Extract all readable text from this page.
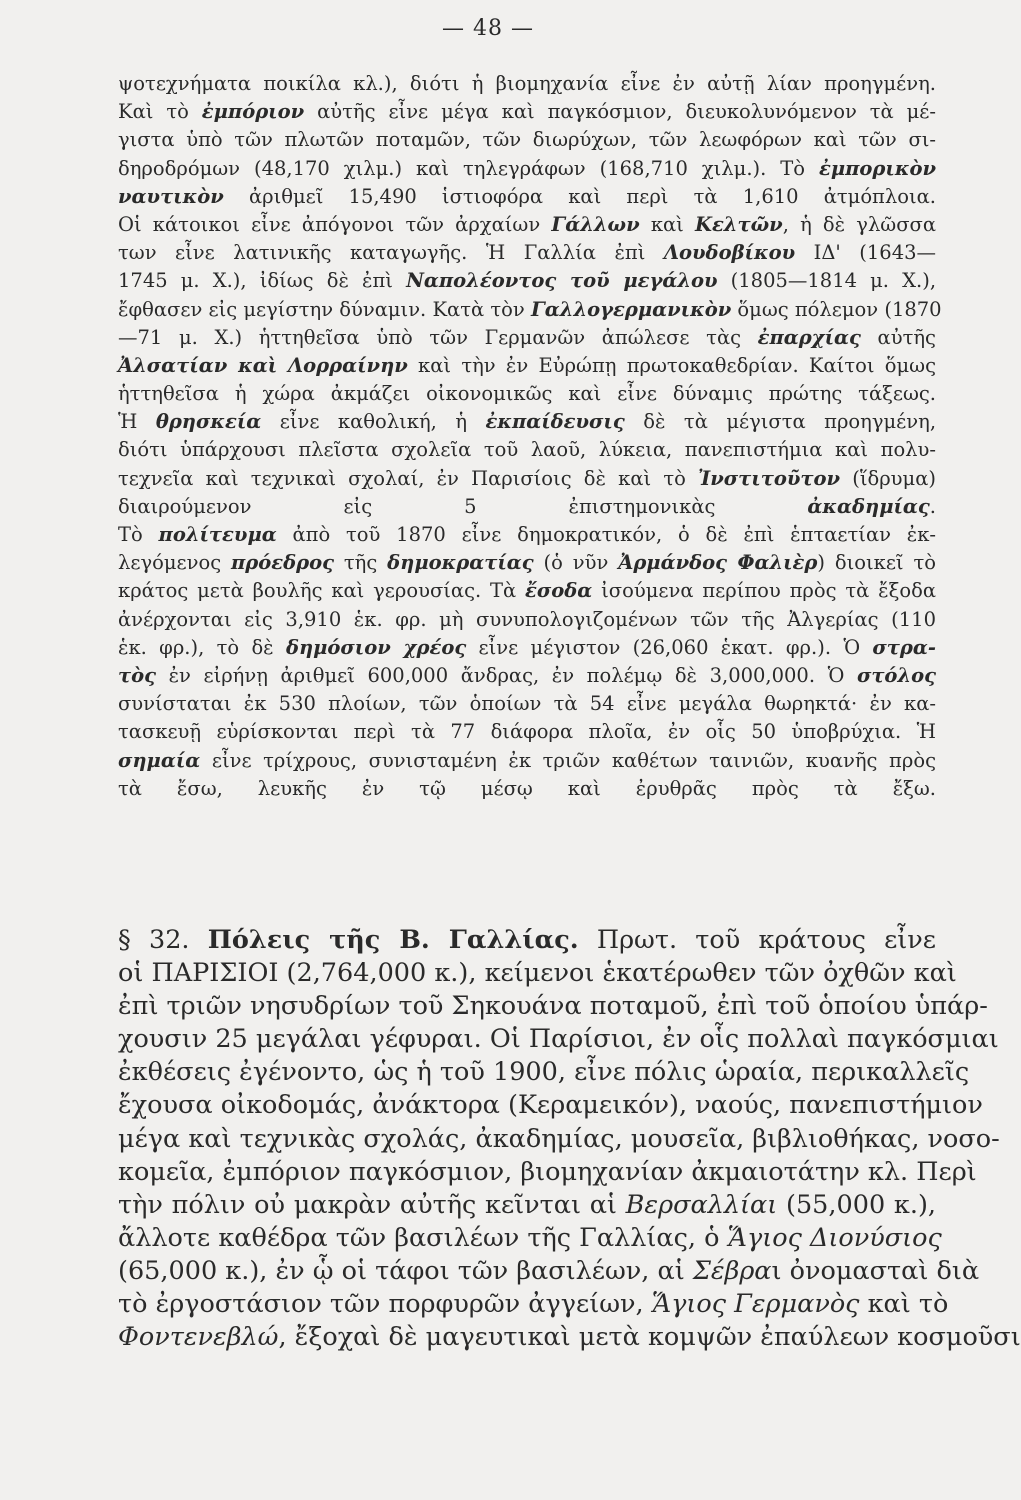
— 48 —
ψοτεχνήματα ποικίλα κλ.), διότι ἡ βιομηχανία εἶνε ἐν αὐτῇ λίαν προηγμένη.
Καὶ τὸ ἐμπόριον αὐτῆς εἶνε μέγα καὶ παγκόσμιον, διευκολυνόμενον τὰ μέ-
γιστα ὑπὸ τῶν πλωτῶν ποταμῶν, τῶν διωρύχων, τῶν λεωφόρων καὶ τῶν σι-
δηροδρόμων (48,170 χιλμ.) καὶ τηλεγράφων (168,710 χιλμ.). Τὸ ἐμπορικὸν
ναυτικὸν ἀριθμεῖ 15,490 ἱστιοφόρα καὶ περὶ τὰ 1,610 ἀτμόπλοια.
Οἱ κάτοικοι εἶνε ἀπόγονοι τῶν ἀρχαίων Γάλλων καὶ Κελτῶν, ἡ δὲ γλῶσσα
των εἶνε λατινικῆς καταγωγῆς. Ἡ Γαλλία ἐπὶ Λουδοβίκου ΙΔ' (1643—
1745 μ. Χ.), ἰδίως δὲ ἐπὶ Ναπολέοντος τοῦ μεγάλου (1805—1814 μ. Χ.),
ἔφθασεν εἰς μεγίστην δύναμιν. Κατὰ τὸν Γαλλογερμανικὸν ὅμως πόλεμον (1870
—71 μ. Χ.) ἡττηθεῖσα ὑπὸ τῶν Γερμανῶν ἀπώλεσε τὰς ἐπαρχίας αὐτῆς
Ἀλσατίαν καὶ Λορραίνην καὶ τὴν ἐν Εὐρώπῃ πρωτοκαθεδρίαν. Καίτοι ὅμως
ἡττηθεῖσα ἡ χώρα ἀκμάζει οἰκονομικῶς καὶ εἶνε δύναμις πρώτης τάξεως.
Ἡ θρησκεία εἶνε καθολική, ἡ ἐκπαίδευσις δὲ τὰ μέγιστα προηγμένη,
διότι ὑπάρχουσι πλεῖστα σχολεῖα τοῦ λαοῦ, λύκεια, πανεπιστήμια καὶ πολυ-
τεχνεῖα καὶ τεχνικαὶ σχολαί, ἐν Παρισίοις δὲ καὶ τὸ Ἰνστιτοῦτον (ἵδρυμα)
διαιρούμενον εἰς 5 ἐπιστημονικὰς ἀκαδημίας.
Τὸ πολίτευμα ἀπὸ τοῦ 1870 εἶνε δημοκρατικόν, ὁ δὲ ἐπὶ ἑπταετίαν ἐκ-
λεγόμενος πρόεδρος τῆς δημοκρατίας (ὁ νῦν Ἀρμάνδος Φαλιὲρ) διοικεῖ τὸ
κράτος μετὰ βουλῆς καὶ γερουσίας. Τὰ ἔσοδα ἰσούμενα περίπου πρὸς τὰ ἔξοδα
ἀνέρχονται εἰς 3,910 ἑκ. φρ. μὴ συνυπολογιζομένων τῶν τῆς Ἀλγερίας (110
ἑκ. φρ.), τὸ δὲ δημόσιον χρέος εἶνε μέγιστον (26,060 ἑκατ. φρ.). Ὁ στρα-
τὸς ἐν εἰρήνῃ ἀριθμεῖ 600,000 ἄνδρας, ἐν πολέμῳ δὲ 3,000,000. Ὁ στόλος
συνίσταται ἐκ 530 πλοίων, τῶν ὁποίων τὰ 54 εἶνε μεγάλα θωρηκτά· ἐν κα-
τασκευῇ εὑρίσκονται περὶ τὰ 77 διάφορα πλοῖα, ἐν οἷς 50 ὑποβρύχια. Ἡ
σημαία εἶνε τρίχρους, συνισταμένη ἐκ τριῶν καθέτων ταινιῶν, κυανῆς πρὸς
τὰ ἔσω, λευκῆς ἐν τῷ μέσῳ καὶ ἐρυθρᾶς πρὸς τὰ ἔξω.
§ 32. Πόλεις τῆς Β. Γαλλίας. Πρωτ. τοῦ κράτους εἶνε
οἱ ΠΑΡΙΣΙΟΙ (2,764,000 κ.), κείμενοι ἑκατέρωθεν τῶν ὀχθῶν καὶ
ἐπὶ τριῶν νησυδρίων τοῦ Σηκουάνα ποταμοῦ, ἐπὶ τοῦ ὁποίου ὑπάρ-
χουσιν 25 μεγάλαι γέφυραι. Οἱ Παρίσιοι, ἐν οἷς πολλαὶ παγκόσμιαι
ἐκθέσεις ἐγένοντο, ὡς ἡ τοῦ 1900, εἶνε πόλις ὡραία, περικαλλεῖς
ἔχουσα οἰκοδομάς, ἀνάκτορα (Κεραμεικόν), ναούς, πανεπιστήμιον
μέγα καὶ τεχνικὰς σχολάς, ἀκαδημίας, μουσεῖα, βιβλιοθήκας, νοσο-
κομεῖα, ἐμπόριον παγκόσμιον, βιομηχανίαν ἀκμαιοτάτην κλ. Περὶ
τὴν πόλιν οὐ μακρὰν αὐτῆς κεῖνται αἱ Βερσαλλίαι (55,000 κ.),
ἄλλοτε καθέδρα τῶν βασιλέων τῆς Γαλλίας, ὁ Ἅγιος Διονύσιος
(65,000 κ.), ἐν ᾧ οἱ τάφοι τῶν βασιλέων, αἱ Σέβραι ὀνομασταὶ διὰ
τὸ ἐργοστάσιον τῶν πορφυρῶν ἀγγείων, Ἅγιος Γερμανὸς καὶ τὸ
Φοντενεβλώ, ἔξοχαὶ δὲ μαγευτικαὶ μετὰ κομψῶν ἐπαύλεων κοσμοῦσι
